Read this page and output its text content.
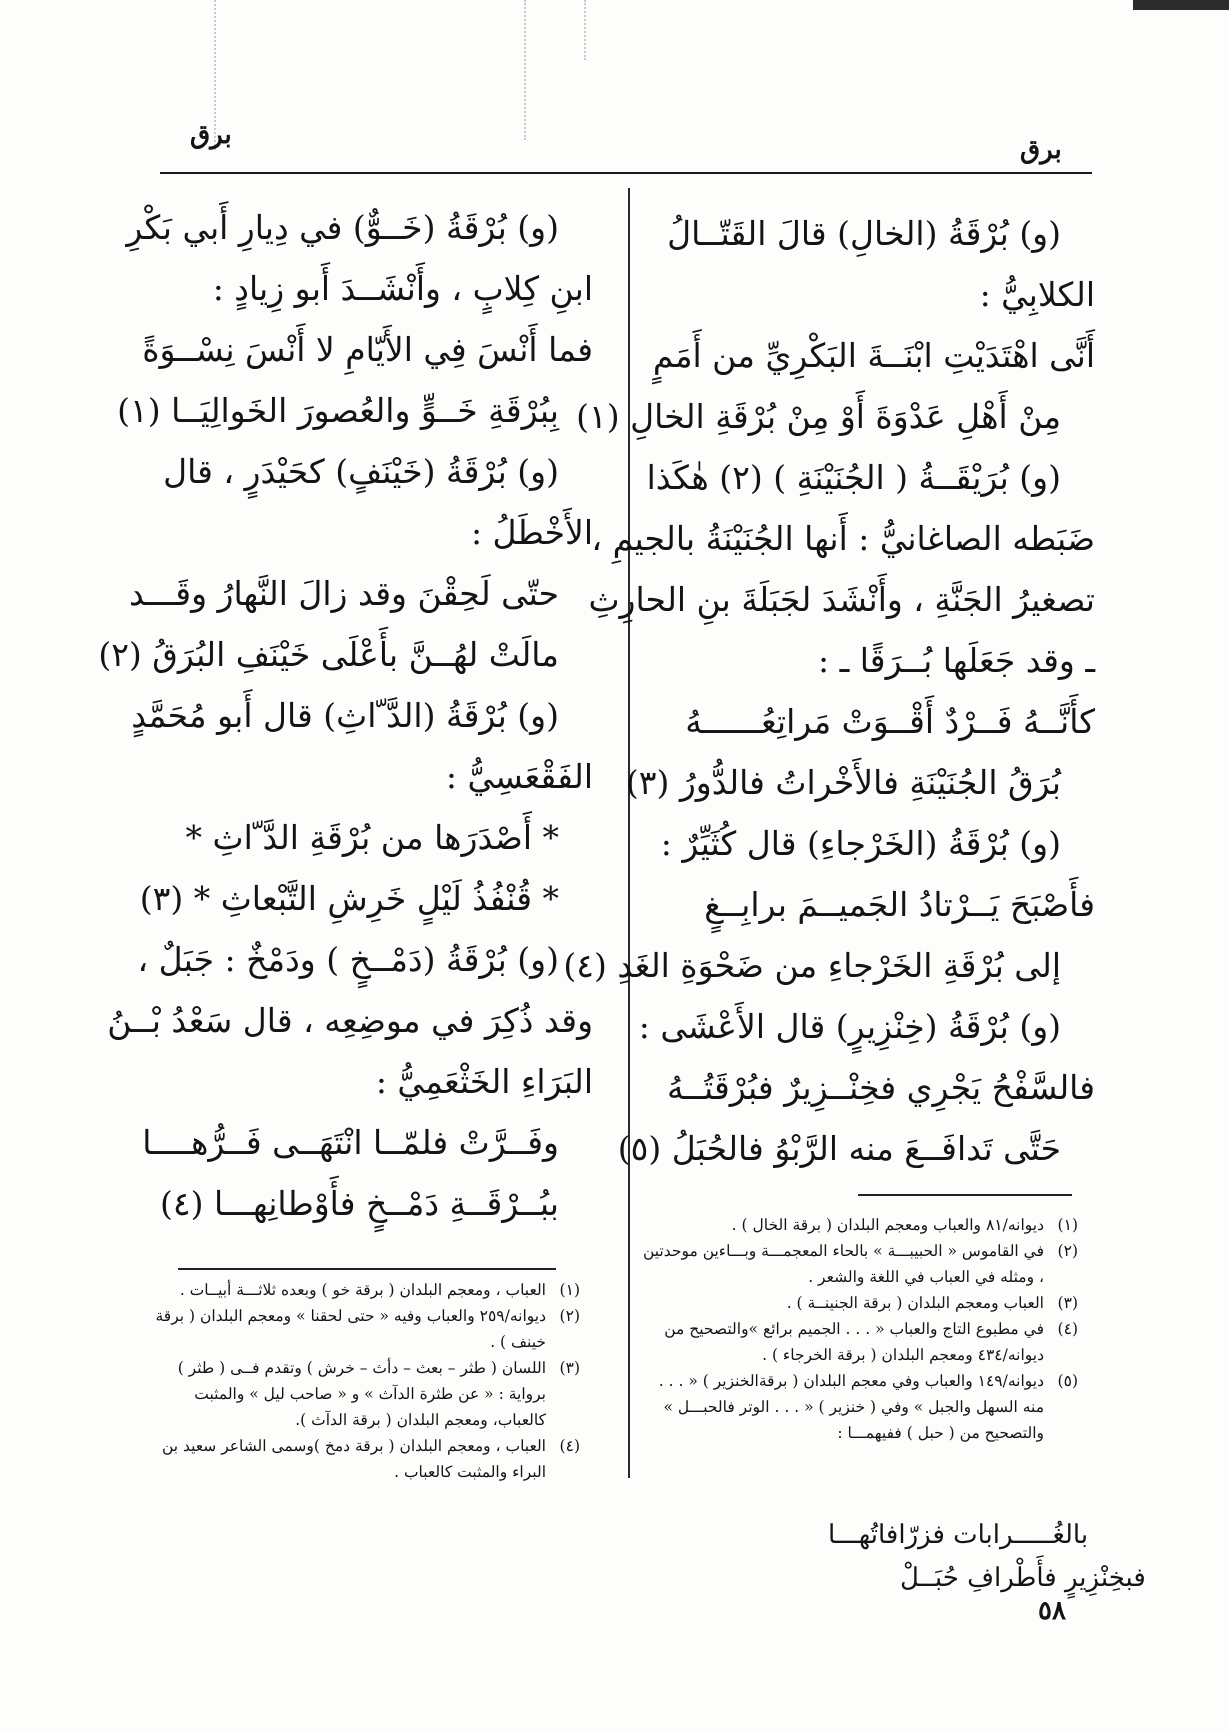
برق	برق
(و) بُرْقَةُ (الخالِ) قالَ القَتّــالُ
الكلابِيُّ :
أَنَّى اهْتَدَيْتِ ابْنَــةَ البَكْرِيِّ من أَمَمٍ
مِنْ أَهْلِ عَدْوَةَ أَوْ مِنْ بُرْقَةِ الخالِ (١)
(و) بُرَيْقَــةُ ( الجُنَيْنَةِ ) (٢) هٰكَذا
ضَبَطه الصاغانيُّ : أَنها الجُنَيْنَةُ بالجيمِ ،
تصغيرُ الجَنَّةِ ، وأَنْشَدَ لجَبَلَةَ بنِ الحارِثِ
ـ وقد جَعَلَها بُــرَقًا ـ :
كأَنَّــهُ فَــرْدٌ أَقْــوَتْ مَراتِعُــــــهُ
بُرَقُ الجُنَيْنَةِ فالأَخْراتُ فالدُّورُ (٣)
(و) بُرْقَةُ (الخَرْجاءِ) قال كُثَيِّرٌ :
فأَصْبَحَ يَــرْتادُ الجَميــمَ برابِــغٍ
إلى بُرْقَةِ الخَرْجاءِ من ضَحْوَةِ الغَدِ (٤)
(و) بُرْقَةُ (خِنْزِيرٍ) قال الأَعْشَى :
فالسَّفْحُ يَجْرِي فخِنْــزِيرٌ فبُرْقَتُــهُ
حَتَّى تَدافَــعَ منه الرَّبْوُ فالحُبَلُ (٥)
(و) بُرْقَةُ (خَــوٌّ) في دِيارِ أَبي بَكْرِ
ابنِ كِلابٍ ، وأَنْشَــدَ أَبو زِيادٍ :
فما أَنْسَ فِي الأَيّامِ لا أَنْسَ نِسْــوَةً
بِبُرْقَةِ خَــوٍّ والعُصورَ الخَوالِيَــا (١)
(و) بُرْقَةُ (خَيْنَفٍ) كحَيْدَرٍ ، قال
الأَخْطَلُ :
حتّى لَحِقْنَ وقد زالَ النَّهارُ وقَـــد
مالَتْ لهُــنَّ بأَعْلَى خَيْنَفِ البُرَقُ (٢)
(و) بُرْقَةُ (الدَّ ّاثِ) قال أَبو مُحَمَّدٍ
الفَقْعَسِيُّ :
* أَصْدَرَها من بُرْقَةِ الدَّ ّاثِ *
* قُنْفُذُ لَيْلٍ خَرِشِ التَّبْعاثِ * (٣)
(و) بُرْقَةُ (دَمْــخٍ ) ودَمْخٌ : جَبَلٌ ،
وقد ذُكِرَ في موضِعِه ، قال سَعْدُ بْــنُ
البَرَاءِ الخَثْعَمِيُّ :
وفَــرَّتْ فلمّــا انْتَهَــى فَــرُّهــــا
ببُــرْقَــةِ دَمْــخٍ فأَوْطانِهـــا (٤)
(١)
العباب ، ومعجم البلدان ( برقة خو ) وبعده ثلاثـــة أبيــات .
(٢)
ديوانه/٢٥٩ والعباب وفيه « حتى لحقنا » ومعجم البلدان ( برقة خينف ) .
(٣)
اللسان ( طثر – بعث – دأث – خرش ) وتقدم فــى ( طثر ) برواية : « عن طثرة الدآث » و « صاحب ليل » والمثبت كالعباب، ومعجم البلدان ( برقة الدآث ).
(٤)
العباب ، ومعجم البلدان ( برقة دمخ )وسمى الشاعر سعيد بن البراء والمثبت كالعباب .
(١)
ديوانه/٨١ والعباب ومعجم البلدان ( برقة الخال ) .
(٢)
في القاموس « الحبيبـــة » بالحاء المعجمـــة وبـــاءين موحدتين ، ومثله في العباب في اللغة والشعر .
(٣)
العباب ومعجم البلدان ( برقة الجنينــة ) .
(٤)
في مطبوع التاج والعباب « . . . الجميم برائع »والتصحيح من ديوانه/٤٣٤ ومعجم البلدان ( برقة الخرجاء ) .
(٥)
ديوانه/١٤٩ والعباب وفي معجم البلدان ( برقةالخنزير ) « . . . منه السهل والجبل » وفي ( خنزير ) « . . . الوتر فالحبـــل » والتصحيح من ( حبل ) ففيهمـــا :
بالغُـــــرابات فزرّافاتُهـــا
فبخِنْزِيرٍ فأَطْرافِ حُبَــلْ
٥٨
